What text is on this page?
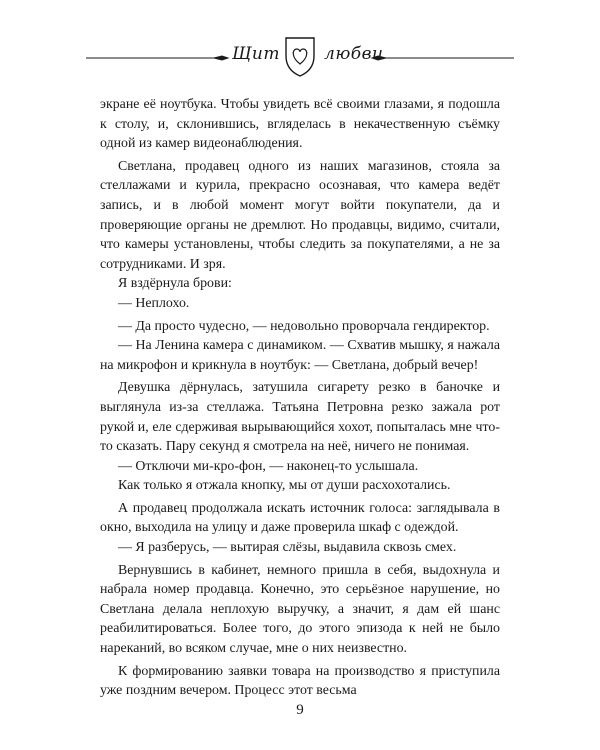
Щит	любви

экране её ноутбука. Чтобы увидеть всё своими глазами, я подошла к столу, и, склонившись, вгляделась в некачественную съёмку одной из камер видеонаблюдения.

Светлана, продавец одного из наших магазинов, стояла за стеллажами и курила, прекрасно осознавая, что камера ведёт запись, и в любой момент могут войти покупатели, да и проверяющие органы не дремлют. Но продавцы, видимо, считали, что камеры установлены, чтобы следить за покупателями, а не за сотрудниками. И зря.

Я вздёрнула брови:

— Неплохо.

— Да просто чудесно, — недовольно проворчала гендиректор.

— На Ленина камера с динамиком. — Схватив мышку, я нажала на микрофон и крикнула в ноутбук: — Светлана, добрый вечер!

Девушка дёрнулась, затушила сигарету резко в баночке и выглянула из-за стеллажа. Татьяна Петровна резко зажала рот рукой и, еле сдерживая вырывающийся хохот, попыталась мне что-то сказать. Пару секунд я смотрела на неё, ничего не понимая.

— Отключи ми-кро-фон, — наконец-то услышала.

Как только я отжала кнопку, мы от души расхохотались.

А продавец продолжала искать источник голоса: заглядывала в окно, выходила на улицу и даже проверила шкаф с одеждой.

— Я разберусь, — вытирая слёзы, выдавила сквозь смех.

Вернувшись в кабинет, немного пришла в себя, выдохнула и набрала номер продавца. Конечно, это серьёзное нарушение, но Светлана делала неплохую выручку, а значит, я дам ей шанс реабилитироваться. Более того, до этого эпизода к ней не было нареканий, во всяком случае, мне о них неизвестно.

К формированию заявки товара на производство я приступила уже поздним вечером. Процесс этот весьма

9
